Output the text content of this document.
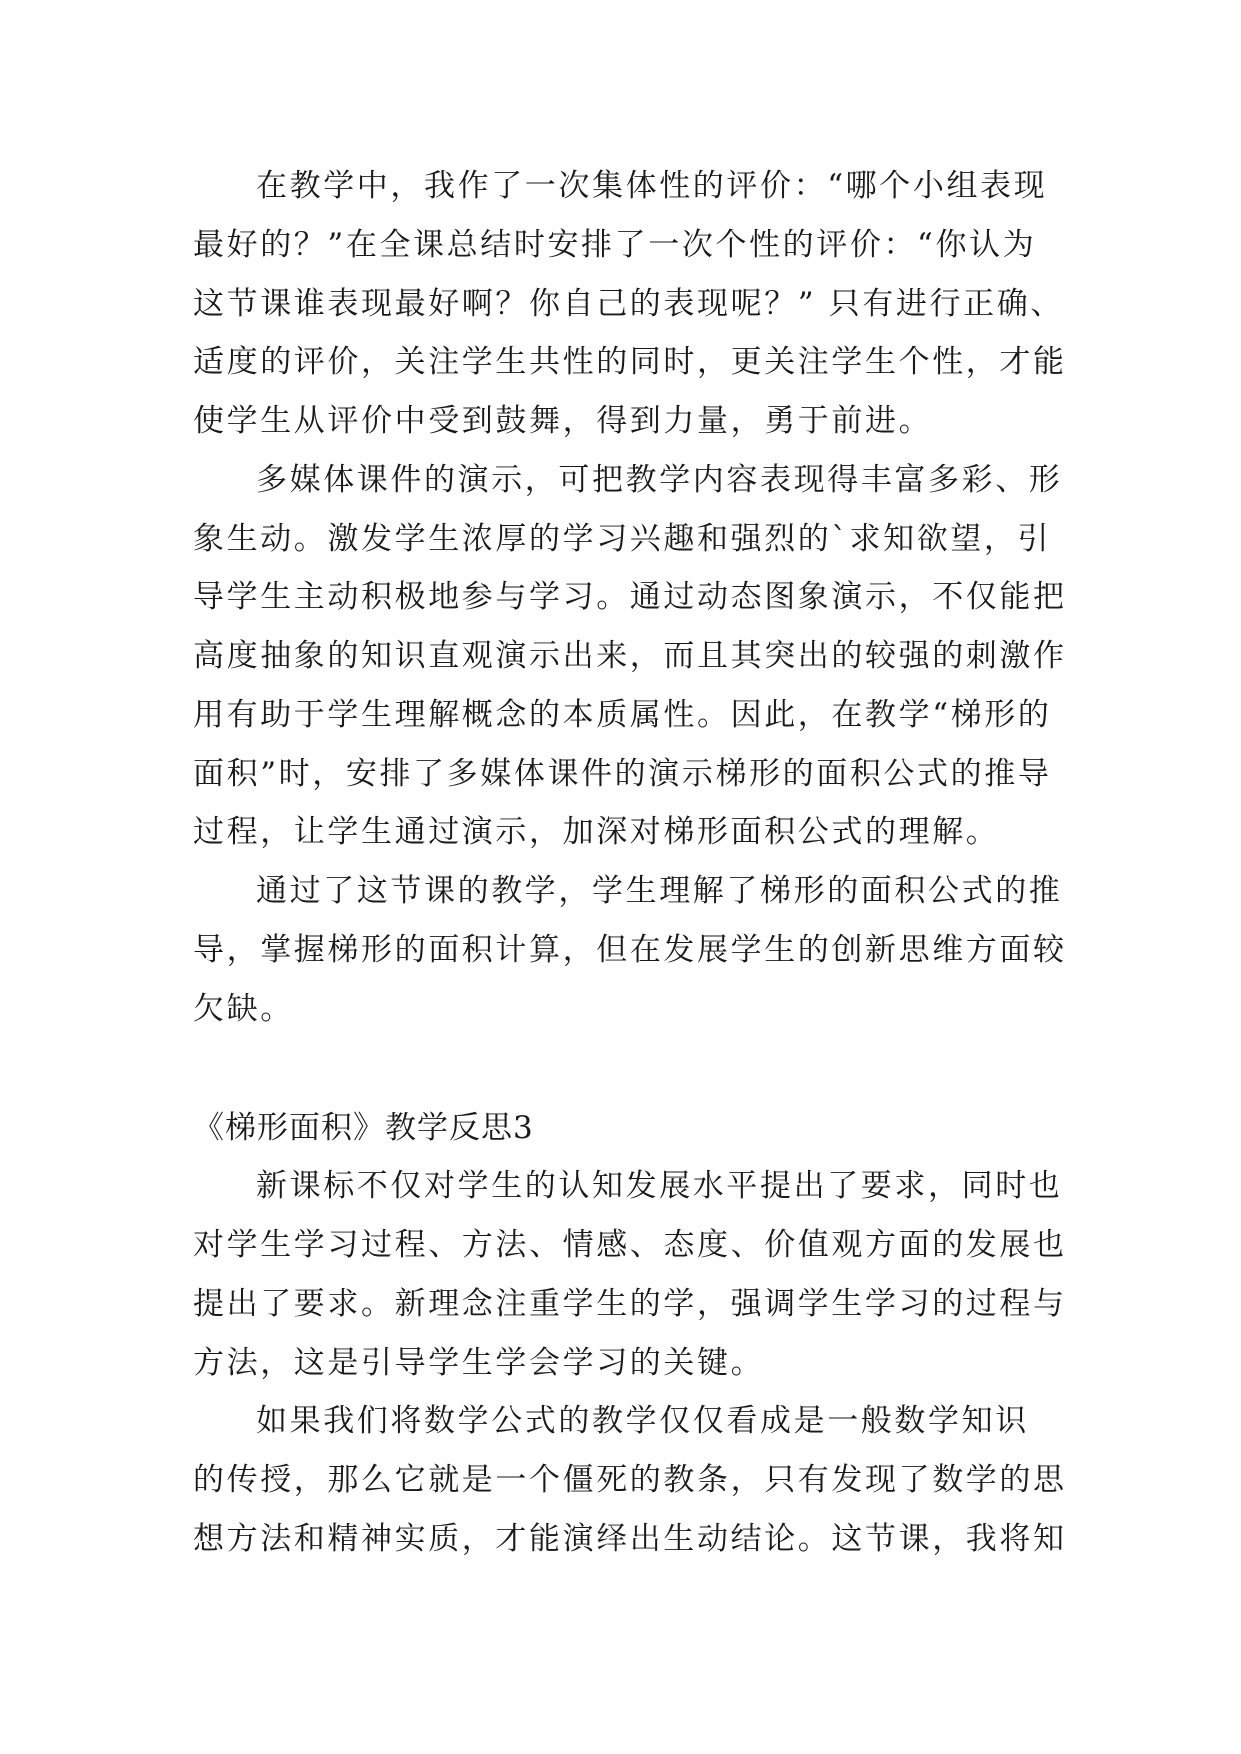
在教学中，我作了一次集体性的评价：“哪个小组表现
最好的？”在全课总结时安排了一次个性的评价：“你认为
这节课谁表现最好啊？你自己的表现呢？” 只有进行正确、
适度的评价，关注学生共性的同时，更关注学生个性，才能
使学生从评价中受到鼓舞，得到力量，勇于前进。
多媒体课件的演示，可把教学内容表现得丰富多彩、形
象生动。激发学生浓厚的学习兴趣和强烈的`求知欲望，引
导学生主动积极地参与学习。通过动态图象演示，不仅能把
高度抽象的知识直观演示出来，而且其突出的较强的刺激作
用有助于学生理解概念的本质属性。因此，在教学“梯形的
面积”时，安排了多媒体课件的演示梯形的面积公式的推导
过程，让学生通过演示，加深对梯形面积公式的理解。
通过了这节课的教学，学生理解了梯形的面积公式的推
导，掌握梯形的面积计算，但在发展学生的创新思维方面较
欠缺。
《梯形面积》教学反思3
新课标不仅对学生的认知发展水平提出了要求，同时也
对学生学习过程、方法、情感、态度、价值观方面的发展也
提出了要求。新理念注重学生的学，强调学生学习的过程与
方法，这是引导学生学会学习的关键。
如果我们将数学公式的教学仅仅看成是一般数学知识
的传授，那么它就是一个僵死的教条，只有发现了数学的思
想方法和精神实质，才能演绎出生动结论。这节课，我将知
